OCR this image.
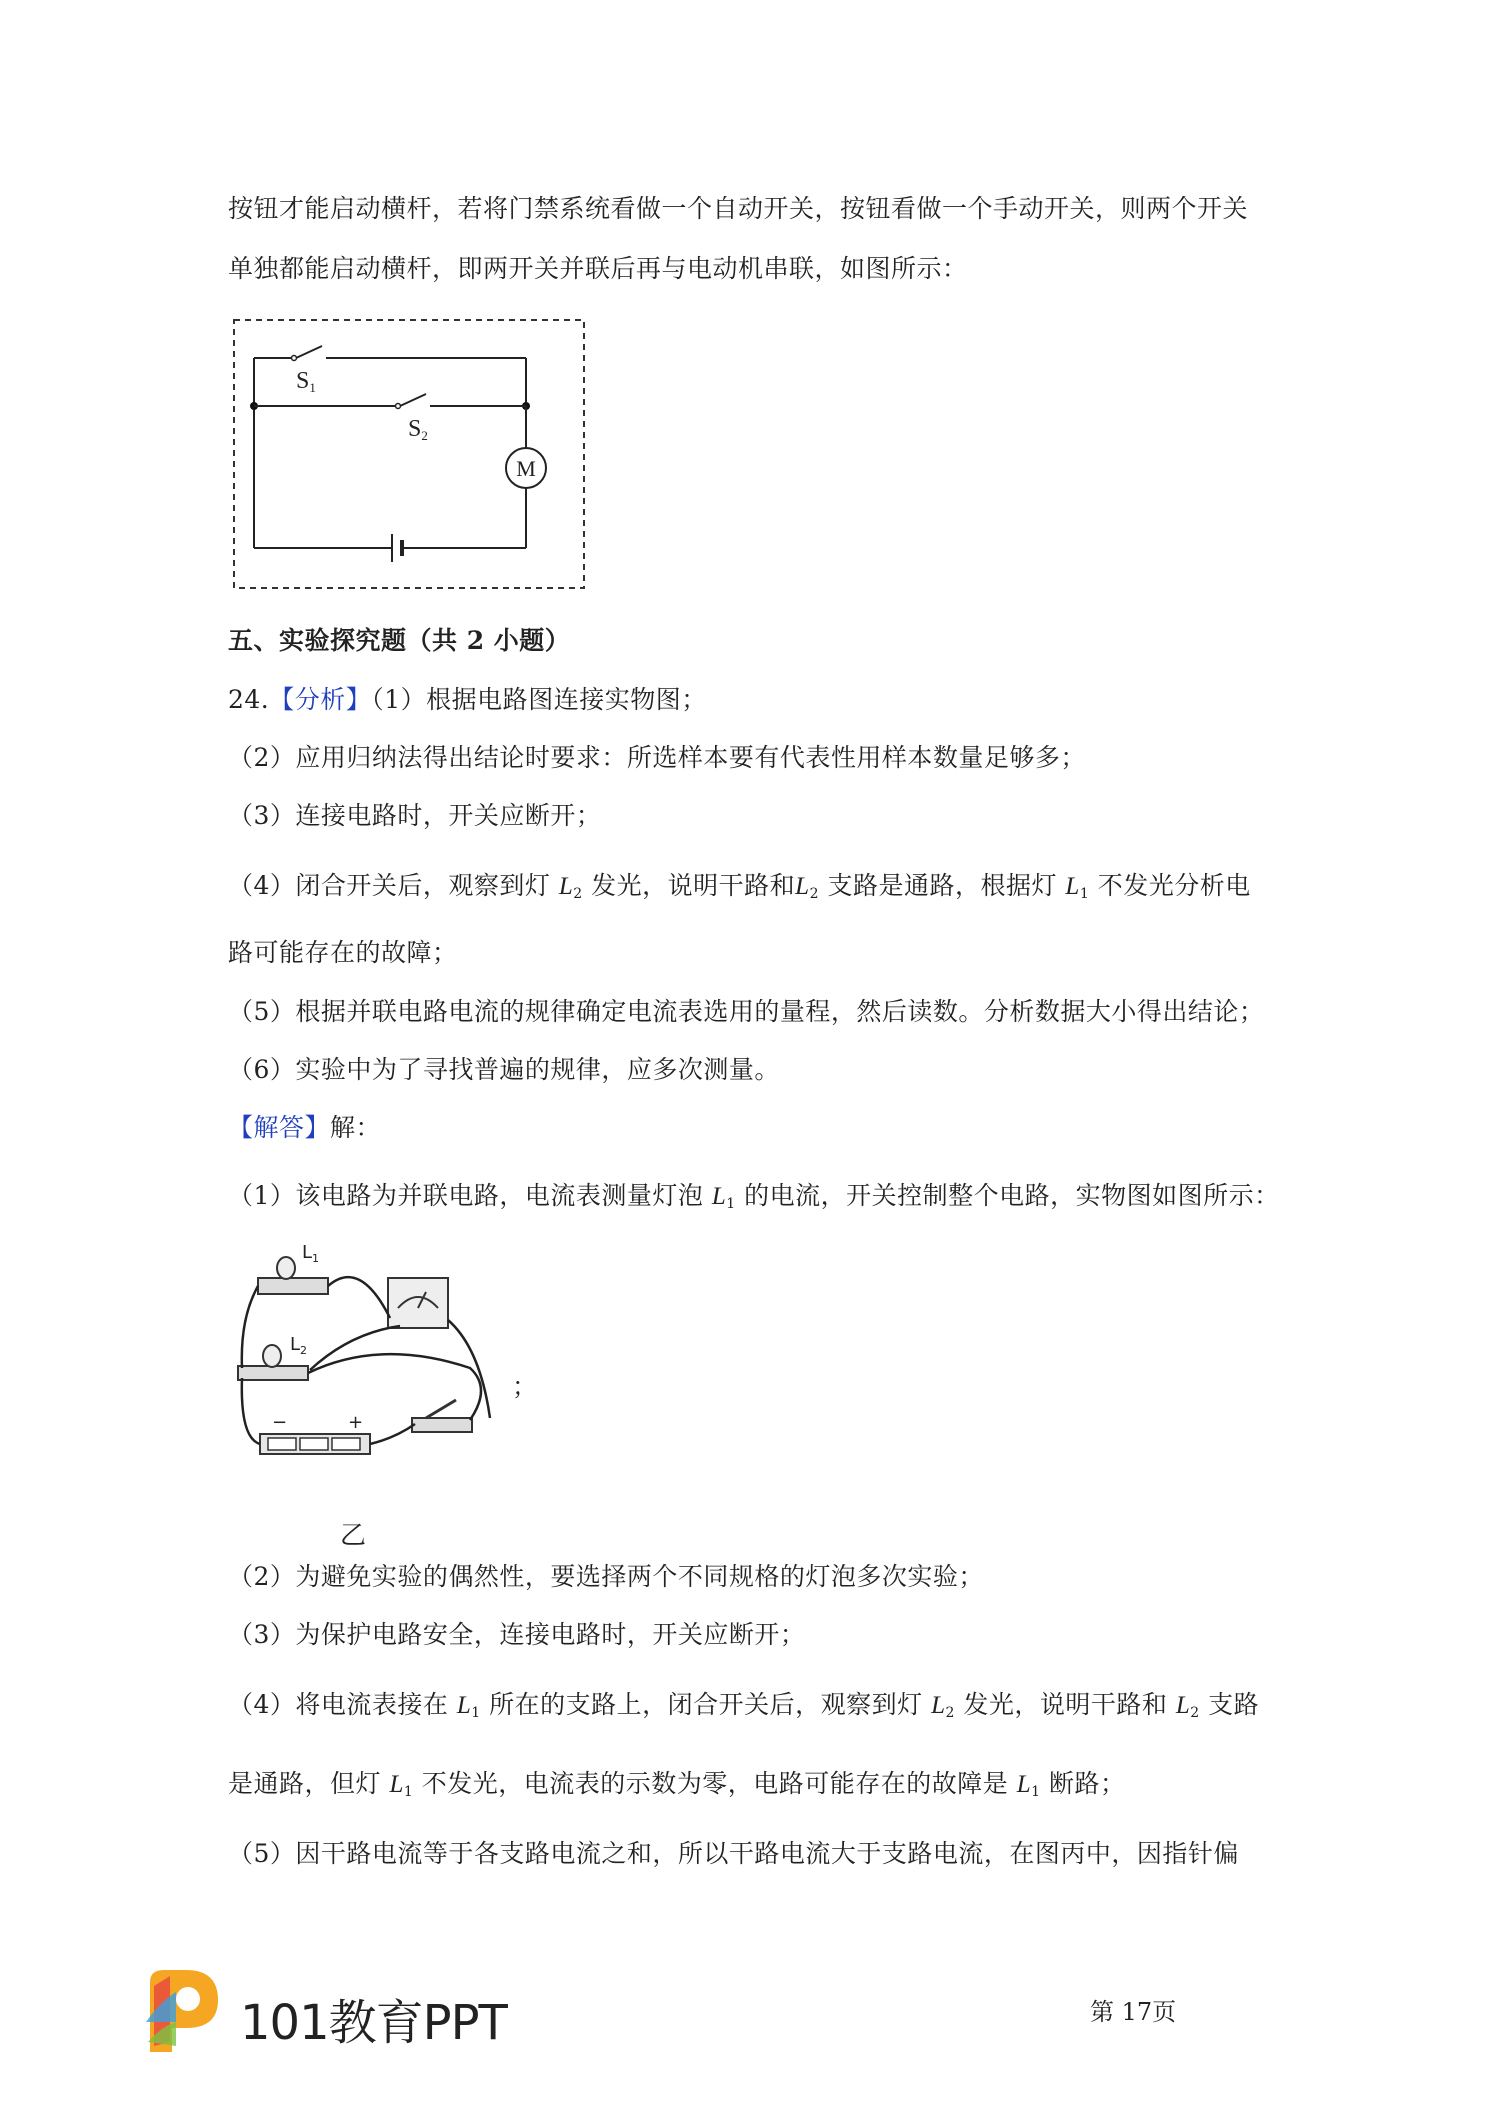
按钮才能启动横杆，若将门禁系统看做一个自动开关，按钮看做一个手动开关，则两个开关
单独都能启动横杆，即两开关并联后再与电动机串联，如图所示：
S1
S2
M
五、实验探究题（共 2 小题）
24.【分析】（1）根据电路图连接实物图；
（2）应用归纳法得出结论时要求：所选样本要有代表性用样本数量足够多；
（3）连接电路时，开关应断开；
（4）闭合开关后，观察到灯 $L_2$ 发光，说明干路和$L_2$ 支路是通路，根据灯 $L_1$ 不发光分析电
路可能存在的故障；
（5）根据并联电路电流的规律确定电流表选用的量程，然后读数。分析数据大小得出结论；
（6）实验中为了寻找普遍的规律，应多次测量。
【解答】解：
（1）该电路为并联电路，电流表测量灯泡 $L_1$ 的电流，开关控制整个电路，实物图如图所示：
$L_1$
$L_2$
−	+
；
乙
（2）为避免实验的偶然性，要选择两个不同规格的灯泡多次实验；
（3）为保护电路安全，连接电路时，开关应断开；
（4）将电流表接在 $L_1$ 所在的支路上，闭合开关后，观察到灯 $L_2$ 发光，说明干路和 $L_2$ 支路
是通路，但灯 $L_1$ 不发光，电流表的示数为零，电路可能存在的故障是 $L_1$ 断路；
（5）因干路电流等于各支路电流之和，所以干路电流大于支路电流，在图丙中，因指针偏
101教育PPT	第 17页
